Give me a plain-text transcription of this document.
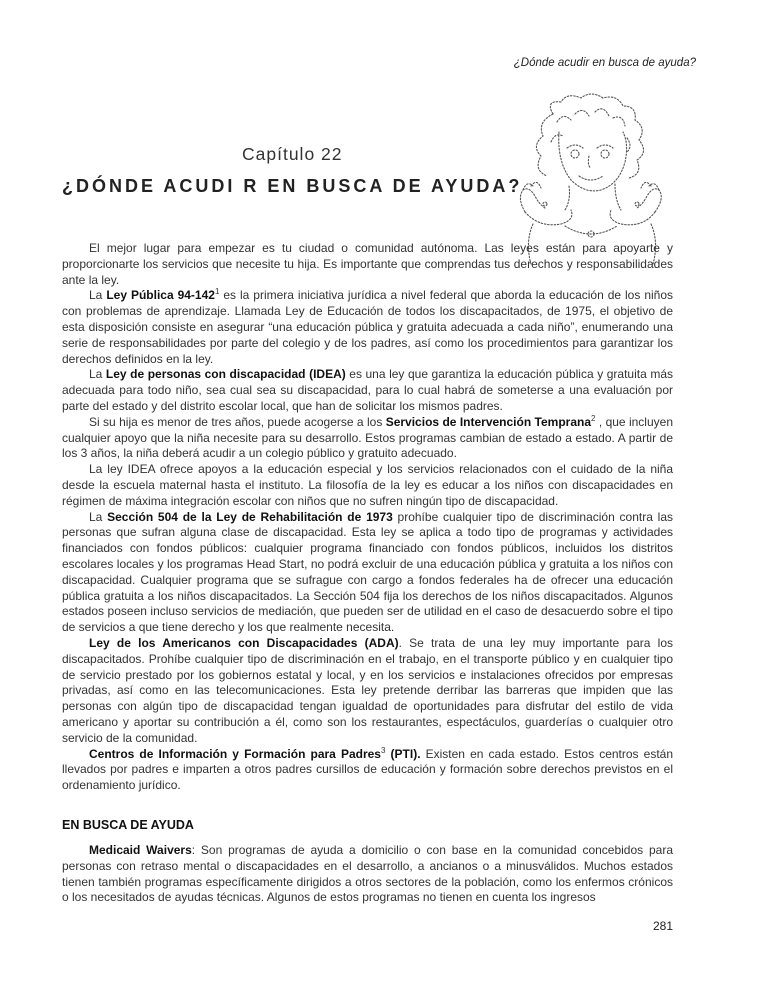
¿Dónde acudir en busca de ayuda?
Capítulo 22
¿DÓNDE ACUDI R EN BUSCA DE AYUDA?

El mejor lugar para empezar es tu ciudad o comunidad autónoma. Las leyes están para apoyarte y proporcionarte los servicios que necesite tu hija. Es importante que comprendas tus derechos y responsabilidades ante la ley.

La Ley Pública $94-142^1$ es la primera iniciativa jurídica a nivel federal que aborda la educación de los niños con problemas de aprendizaje. Llamada Ley de Educación de todos los discapacitados, de 1975, el objetivo de esta disposición consiste en asegurar “una educación pública y gratuita adecuada a cada niño”, enumerando una serie de responsabilidades por parte del colegio y de los padres, así como los procedimientos para garantizar los derechos definidos en la ley.

La Ley de personas con discapacidad (IDEA) es una ley que garantiza la educación pública y gratuita más adecuada para todo niño, sea cual sea su discapacidad, para lo cual habrá de someterse a una evaluación por parte del estado y del distrito escolar local, que han de solicitar los mismos padres.

Si su hija es menor de tres años, puede acogerse a los Servicios de Intervención Temprana$^2$ , que incluyen cualquier apoyo que la niña necesite para su desarrollo. Estos programas cambian de estado a estado. A partir de los 3 años, la niña deberá acudir a un colegio público y gratuito adecuado.

La ley IDEA ofrece apoyos a la educación especial y los servicios relacionados con el cuidado de la niña desde la escuela maternal hasta el instituto. La filosofía de la ley es educar a los niños con discapacidades en régimen de máxima integración escolar con niños que no sufren ningún tipo de discapacidad.

La Sección 504 de la Ley de Rehabilitación de 1973 prohíbe cualquier tipo de discriminación contra las personas que sufran alguna clase de discapacidad. Esta ley se aplica a todo tipo de programas y actividades financiados con fondos públicos: cualquier programa financiado con fondos públicos, incluidos los distritos escolares locales y los programas Head Start, no podrá excluir de una educación pública y gratuita a los niños con discapacidad. Cualquier programa que se sufrague con cargo a fondos federales ha de ofrecer una educación pública gratuita a los niños discapacitados. La Sección 504 fija los derechos de los niños discapacitados. Algunos estados poseen incluso servicios de mediación, que pueden ser de utilidad en el caso de desacuerdo sobre el tipo de servicios a que tiene derecho y los que realmente necesita.

Ley de los Americanos con Discapacidades (ADA). Se trata de una ley muy importante para los discapacitados. Prohíbe cualquier tipo de discriminación en el trabajo, en el transporte público y en cualquier tipo de servicio prestado por los gobiernos estatal y local, y en los servicios e instalaciones ofrecidos por empresas privadas, así como en las telecomunicaciones. Esta ley pretende derribar las barreras que impiden que las personas con algún tipo de discapacidad tengan igualdad de oportunidades para disfrutar del estilo de vida americano y aportar su contribución a él, como son los restaurantes, espectáculos, guarderías o cualquier otro servicio de la comunidad.

Centros de Información y Formación para Padres$^3$ (PTI). Existen en cada estado. Estos centros están llevados por padres e imparten a otros padres cursillos de educación y formación sobre derechos previstos en el ordenamiento jurídico.

EN BUSCA DE AYUDA

Medicaid Waivers: Son programas de ayuda a domicilio o con base en la comunidad concebidos para personas con retraso mental o discapacidades en el desarrollo, a ancianos o a minusválidos. Muchos estados tienen también programas específicamente dirigidos a otros sectores de la población, como los enfermos crónicos o los necesitados de ayudas técnicas. Algunos de estos programas no tienen en cuenta los ingresos

281
